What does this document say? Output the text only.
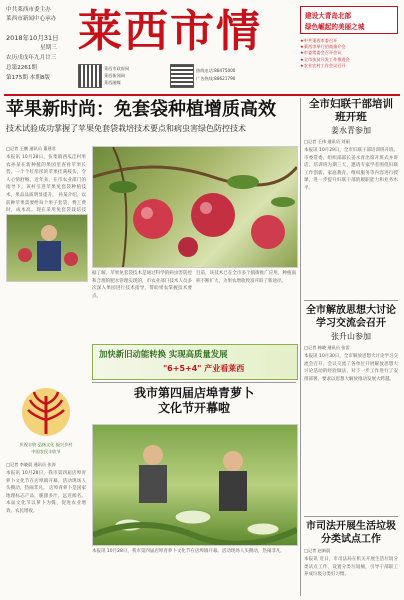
中共莱西市委主办
莱西市新闻中心承办
2018年10月31日
星期三
农历戊戌年九月廿三
总第2261期
第175期 本期8版
莱西市情	建设大青岛北部
绿色崛起的美丽之城
★中共莱西市委召开
★莱西市举行招商推介会
★市委常委会召开会议
★全市扶贫开发工作推进会
★农业农村工作会议召开
莱西市政府网
莱西新闻网
莱西融媒
热线电话:88475000
广告热线:88621790
苹果新时尚：免套袋种植增质高效
技术试验成功掌握了苹果免套袋栽培技术要点和病虫害绿色防控技术
□记者 王鹏 通讯员 董建君
本报讯 10月28日，伍集镇西瓜洼村果农孙某在新种植的果园里查看苹果长势。一个个红彤彤的苹果挂满枝头，令人心情舒畅。近年来，在市农业部门的指导下，该村引进苹果免套袋种植技术，果品品质明显提升。 孙某介绍，以前种苹果需要给每个果子套袋，费工费时，成本高。现在采用免套袋栽培技
据了解，苹果免套袋技术是通过科学的病虫害防控和合理的肥水管理实现的，市农业部门技术人员多次深入果园进行技术指导，帮助果农掌握技术要点。
目前，该技术已在全市多个镇街推广应用，种植面积不断扩大，为果农增收致富开辟了新途径。
加快新旧动能转换 实现高质量发展
"6+5+4" 产业看莱西
庆祝丰收 弘扬文化 振兴乡村
中国农民丰收节
我市第四届店埠青萝卜
文化节开幕啦
□记者 李晓晨 通讯员 张涛
本报讯 10月28日，我市第四届店埠青萝卜文化节在店埠镇开幕。活动现场人头攒动，热闹非凡。 店埠青萝卜是国家地理标志产品，脆甜多汁，远近闻名。本届文化节以萝卜为媒，促进农业增效、农民增收。
本报讯 10月28日，我市第四届店埠青萝卜文化节在店埠镇开幕。活动现场人头攒动，热闹非凡。
全市妇联干部培训班开班
姜水青参加
□记者 王伟 通讯员 刘丽
本报讯 10月29日，全市妇联干部培训班开班。市委常委、组织部部长姜水青出席开班式并讲话。培训班为期三天，邀请专家学者围绕妇联工作创新、家庭教育、维权服务等内容进行授课，进一步提升妇联干部的履职能力和业务水平。
全市解放思想大讨论学习交流会召开
张升山参加
□记者 韩晓 通讯员 张雷
本报讯 10月30日，全市解放思想大讨论学习交流会召开。会议交流了各单位开展解放思想大讨论活动的经验做法，对下一步工作进行了安排部署，要求以思想大解放推动发展大跨越。
市司法开展生活垃圾分类试点工作
□记者 赵新晨
本报讯 近日，市司法局在机关开展生活垃圾分类试点工作，设置分类垃圾桶，引导干部职工养成垃圾分类好习惯。
